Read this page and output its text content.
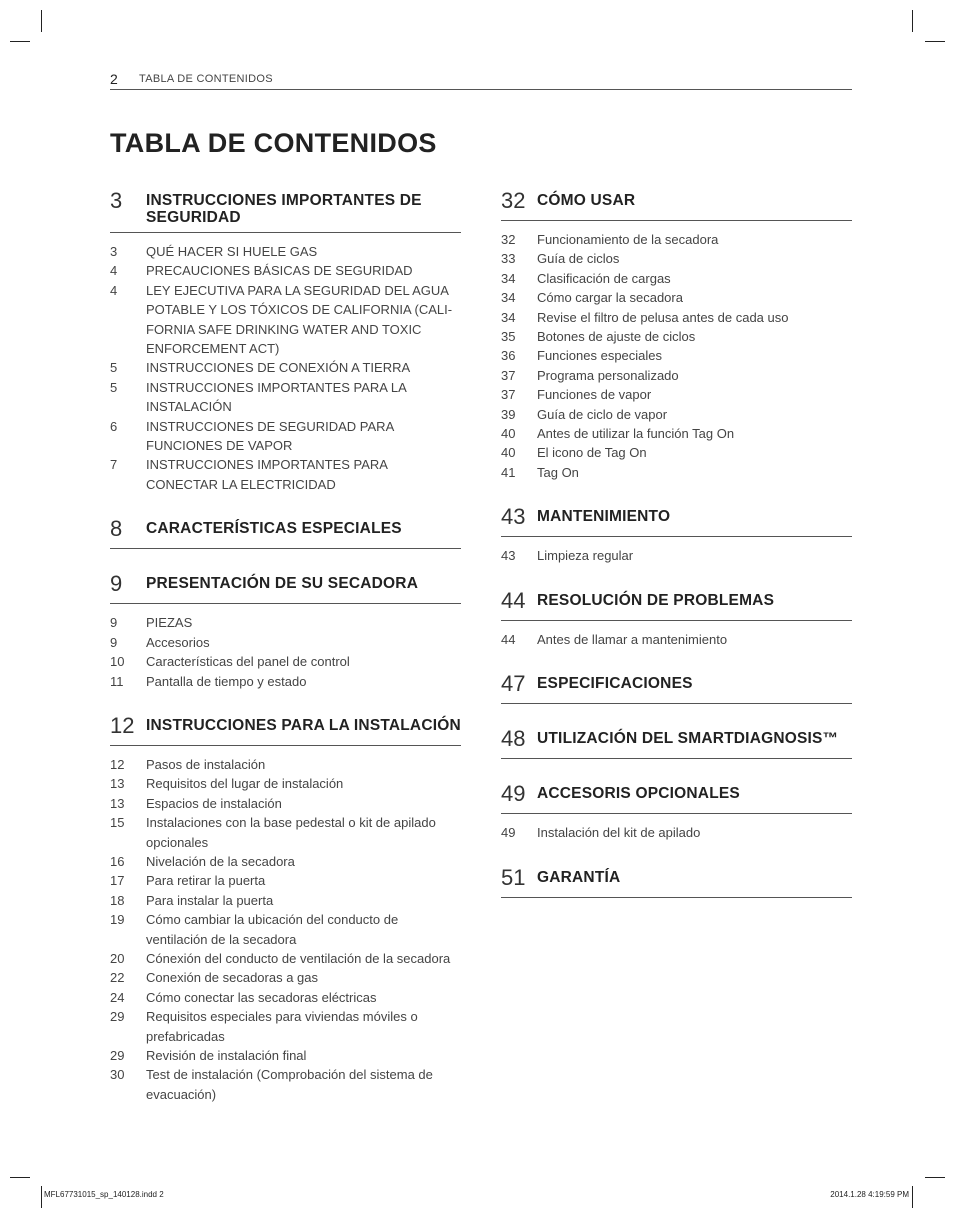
2 TABLA DE CONTENIDOS
TABLA DE CONTENIDOS
3	INSTRUCCIONES IMPORTANTES DE SEGURIDAD
3	QUÉ HACER SI HUELE GAS
4	PRECAUCIONES BÁSICAS DE SEGURIDAD
4	LEY EJECUTIVA PARA LA SEGURIDAD DEL AGUA POTABLE Y LOS TÓXICOS DE CALIFORNIA (CALI-FORNIA SAFE DRINKING WATER AND TOXIC ENFORCEMENT ACT)
5	INSTRUCCIONES DE CONEXIÓN A TIERRA
5	INSTRUCCIONES IMPORTANTES PARA LA INSTALACIÓN
6	INSTRUCCIONES DE SEGURIDAD PARA FUNCIONES DE VAPOR
7	INSTRUCCIONES IMPORTANTES PARA CONECTAR LA ELECTRICIDAD
8	CARACTERÍSTICAS ESPECIALES
9	PRESENTACIÓN DE SU SECADORA
9	PIEZAS
9	Accesorios
10	Características del panel de control
11	Pantalla de tiempo y estado
12 INSTRUCCIONES PARA LA INSTALACIÓN
12	Pasos de instalación
13	Requisitos del lugar de instalación
13	Espacios de instalación
15	Instalaciones con la base pedestal o kit de apilado opcionales
16	Nivelación de la secadora
17	Para retirar la puerta
18	Para instalar la puerta
19	Cómo cambiar la ubicación del conducto de ventilación de la secadora
20	Cónexión del conducto de ventilación de la secadora
22	Conexión de secadoras a gas
24	Cómo conectar las secadoras eléctricas
29	Requisitos especiales para viviendas móviles o prefabricadas
29	Revisión de instalación final
30	Test de instalación (Comprobación del sistema de evacuación)
32 CÓMO USAR
32	Funcionamiento de la secadora
33	Guía de ciclos
34	Clasificación de cargas
34	Cómo cargar la secadora
34	Revise el filtro de pelusa antes de cada uso
35	Botones de ajuste de ciclos
36	Funciones especiales
37	Programa personalizado
37	Funciones de vapor
39	Guía de ciclo de vapor
40	Antes de utilizar la función Tag On
40	El icono de Tag On
41	Tag On
43 MANTENIMIENTO
43	Limpieza regular
44 RESOLUCIÓN DE PROBLEMAS
44	Antes de llamar a mantenimiento
47 ESPECIFICACIONES
48 UTILIZACIÓN DEL SMARTDIAGNOSIS™
49 ACCESORIS OPCIONALES
49	Instalación del kit de apilado
51 GARANTÍA
MFL67731015_sp_140128.indd 2	2014.1.28 4:19:59 PM
